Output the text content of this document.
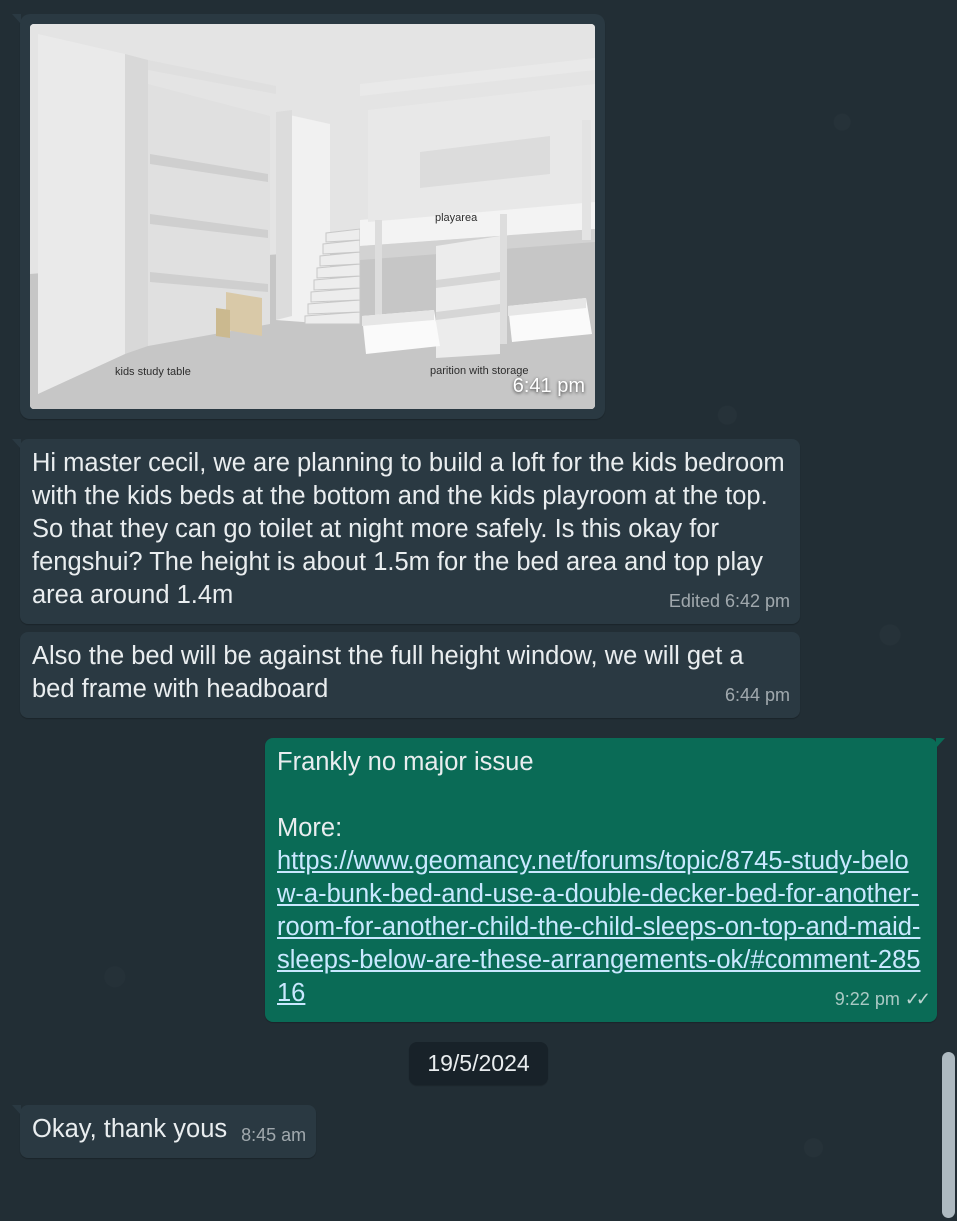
kids study table	parition with storage
playarea
6:41 pm
Hi master cecil, we are planning to build a loft for the kids bedroom with the kids beds at the bottom and the kids playroom at the top. So that they can go toilet at night more safely. Is this okay for fengshui? The height is about 1.5m for the bed area and top play area around 1.4m	Edited 6:42 pm
Also the bed will be against the full height window, we will get a bed frame with headboard	6:44 pm
Frankly no major issue
More:
https://www.geomancy.net/forums/topic/8745-study-below-a-bunk-bed-and-use-a-double-decker-bed-for-another-room-for-another-child-the-child-sleeps-on-top-and-maid-sleeps-below-are-these-arrangements-ok/#comment-28516	9:22 pm ✓✓
19/5/2024
Okay, thank yous 8:45 am
